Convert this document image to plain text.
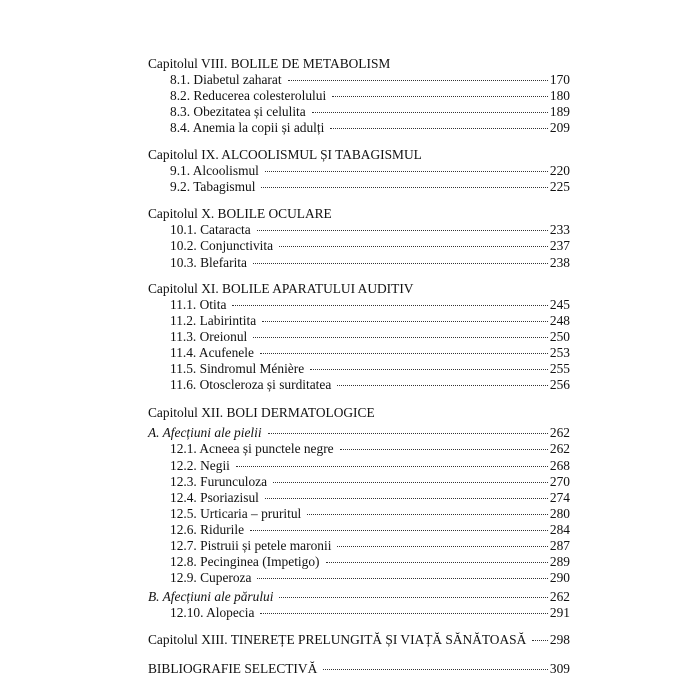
Capitolul VIII. BOLILE DE METABOLISM
8.1. Diabetul zaharat	170
8.2. Reducerea colesterolului	180
8.3. Obezitatea și celulita	189
8.4. Anemia la copii și adulți	209
Capitolul IX. ALCOOLISMUL ȘI TABAGISMUL
9.1. Alcoolismul	220
9.2. Tabagismul	225
Capitolul X. BOLILE OCULARE
10.1. Cataracta	233
10.2. Conjunctivita	237
10.3. Blefarita	238
Capitolul XI. BOLILE APARATULUI AUDITIV
11.1. Otita	245
11.2. Labirintita	248
11.3. Oreionul	250
11.4. Acufenele	253
11.5. Sindromul Ménière	255
11.6. Otoscleroza și surditatea	256
Capitolul XII. BOLI DERMATOLOGICE
A. Afecțiuni ale pielii	262
12.1. Acneea și punctele negre	262
12.2. Negii	268
12.3. Furunculoza	270
12.4. Psoriazisul	274
12.5. Urticaria – pruritul	280
12.6. Ridurile	284
12.7. Pistruii și petele maronii	287
12.8. Pecinginea (Impetigo)	289
12.9. Cuperoza	290
B. Afecțiuni ale părului	262
12.10. Alopecia	291
Capitolul XIII. TINEREȚE PRELUNGITĂ ȘI VIAȚĂ SĂNĂTOASĂ 298
BIBLIOGRAFIE SELECTIVĂ	309
